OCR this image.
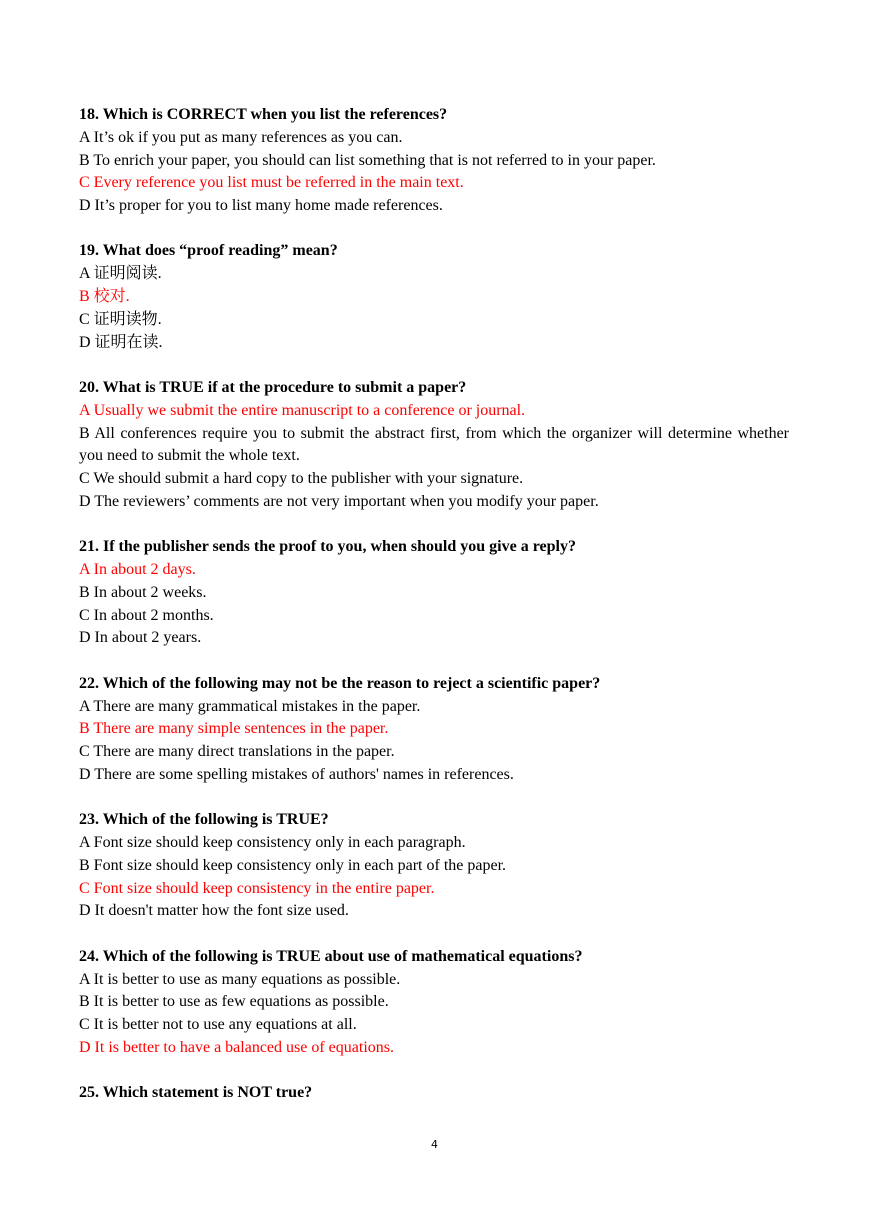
18. Which is CORRECT when you list the references?
A It’s ok if you put as many references as you can.
B To enrich your paper, you should can list something that is not referred to in your paper.
C Every reference you list must be referred in the main text.
D It’s proper for you to list many home made references.
19. What does “proof reading” mean?
A 证明阅读.
B 校对.
C 证明读物.
D 证明在读.
20. What is TRUE if at the procedure to submit a paper?
A Usually we submit the entire manuscript to a conference or journal.
B All conferences require you to submit the abstract first, from which the organizer will determine whether you need to submit the whole text.
C We should submit a hard copy to the publisher with your signature.
D The reviewers’ comments are not very important when you modify your paper.
21. If the publisher sends the proof to you, when should you give a reply?
A In about 2 days.
B In about 2 weeks.
C In about 2 months.
D In about 2 years.
22. Which of the following may not be the reason to reject a scientific paper?
A There are many grammatical mistakes in the paper.
B There are many simple sentences in the paper.
C There are many direct translations in the paper.
D There are some spelling mistakes of authors' names in references.
23. Which of the following is TRUE?
A Font size should keep consistency only in each paragraph.
B Font size should keep consistency only in each part of the paper.
C Font size should keep consistency in the entire paper.
D It doesn't matter how the font size used.
24. Which of the following is TRUE about use of mathematical equations?
A It is better to use as many equations as possible.
B It is better to use as few equations as possible.
C It is better not to use any equations at all.
D It is better to have a balanced use of equations.
25. Which statement is NOT true?
4
